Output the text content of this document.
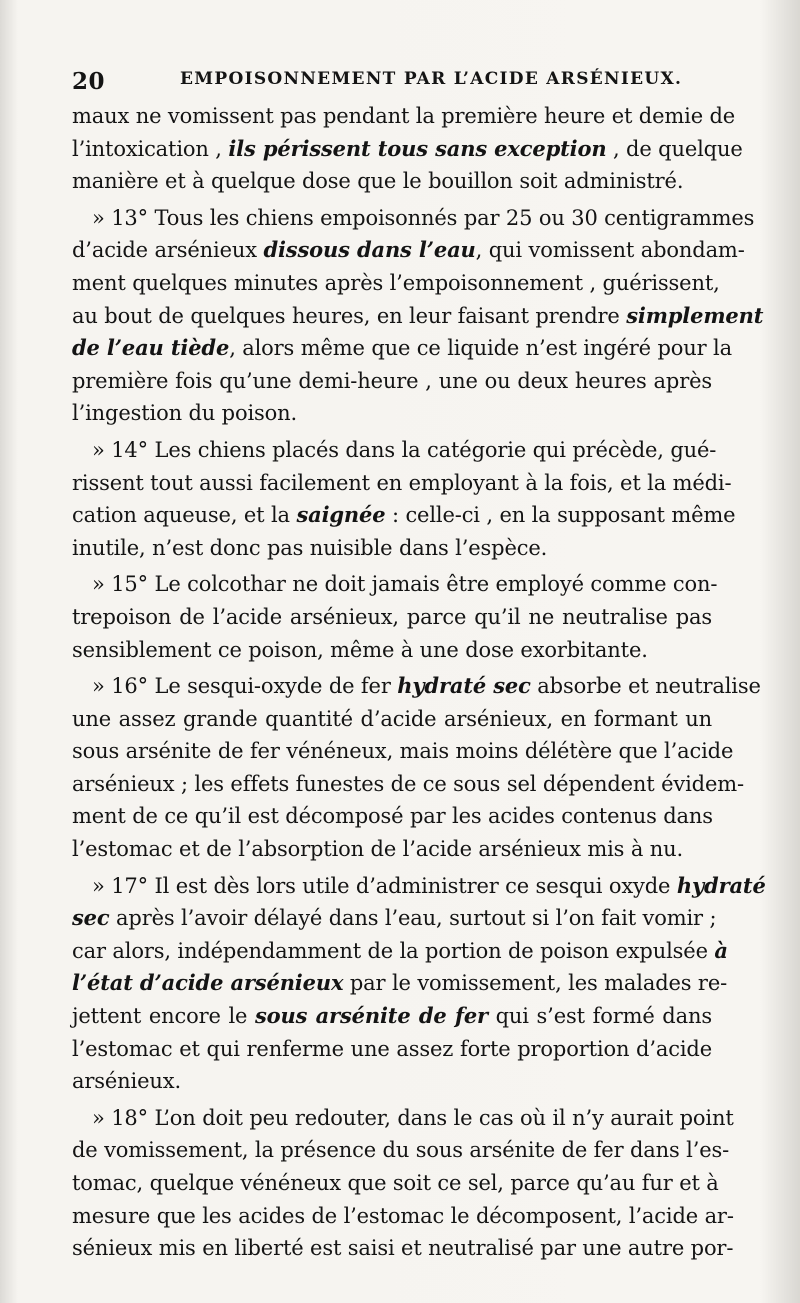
20	EMPOISONNEMENT PAR L’ACIDE ARSÉNIEUX.
maux ne vomissent pas pendant la première heure et demie de
l’intoxication , ils périssent tous sans exception , de quelque
manière et à quelque dose que le bouillon soit administré.
» 13° Tous les chiens empoisonnés par 25 ou 30 centigrammes
d’acide arsénieux dissous dans l’eau, qui vomissent abondam-
ment quelques minutes après l’empoisonnement , guérissent,
au bout de quelques heures, en leur faisant prendre simplement
de l’eau tiède, alors même que ce liquide n’est ingéré pour la
première fois qu’une demi-heure , une ou deux heures après
l’ingestion du poison.
» 14° Les chiens placés dans la catégorie qui précède, gué-
rissent tout aussi facilement en employant à la fois, et la médi-
cation aqueuse, et la saignée : celle-ci , en la supposant même
inutile, n’est donc pas nuisible dans l’espèce.
» 15° Le colcothar ne doit jamais être employé comme con-
trepoison de l’acide arsénieux, parce qu’il ne neutralise pas
sensiblement ce poison, même à une dose exorbitante.
» 16° Le sesqui-oxyde de fer hydraté sec absorbe et neutralise
une assez grande quantité d’acide arsénieux, en formant un
sous arsénite de fer vénéneux, mais moins délétère que l’acide
arsénieux ; les effets funestes de ce sous sel dépendent évidem-
ment de ce qu’il est décomposé par les acides contenus dans
l’estomac et de l’absorption de l’acide arsénieux mis à nu.
» 17° Il est dès lors utile d’administrer ce sesqui oxyde hydraté
sec après l’avoir délayé dans l’eau, surtout si l’on fait vomir ;
car alors, indépendamment de la portion de poison expulsée à
l’état d’acide arsénieux par le vomissement, les malades re-
jettent encore le sous arsénite de fer qui s’est formé dans
l’estomac et qui renferme une assez forte proportion d’acide
arsénieux.
» 18° L’on doit peu redouter, dans le cas où il n’y aurait point
de vomissement, la présence du sous arsénite de fer dans l’es-
tomac, quelque vénéneux que soit ce sel, parce qu’au fur et à
mesure que les acides de l’estomac le décomposent, l’acide ar-
sénieux mis en liberté est saisi et neutralisé par une autre por-
